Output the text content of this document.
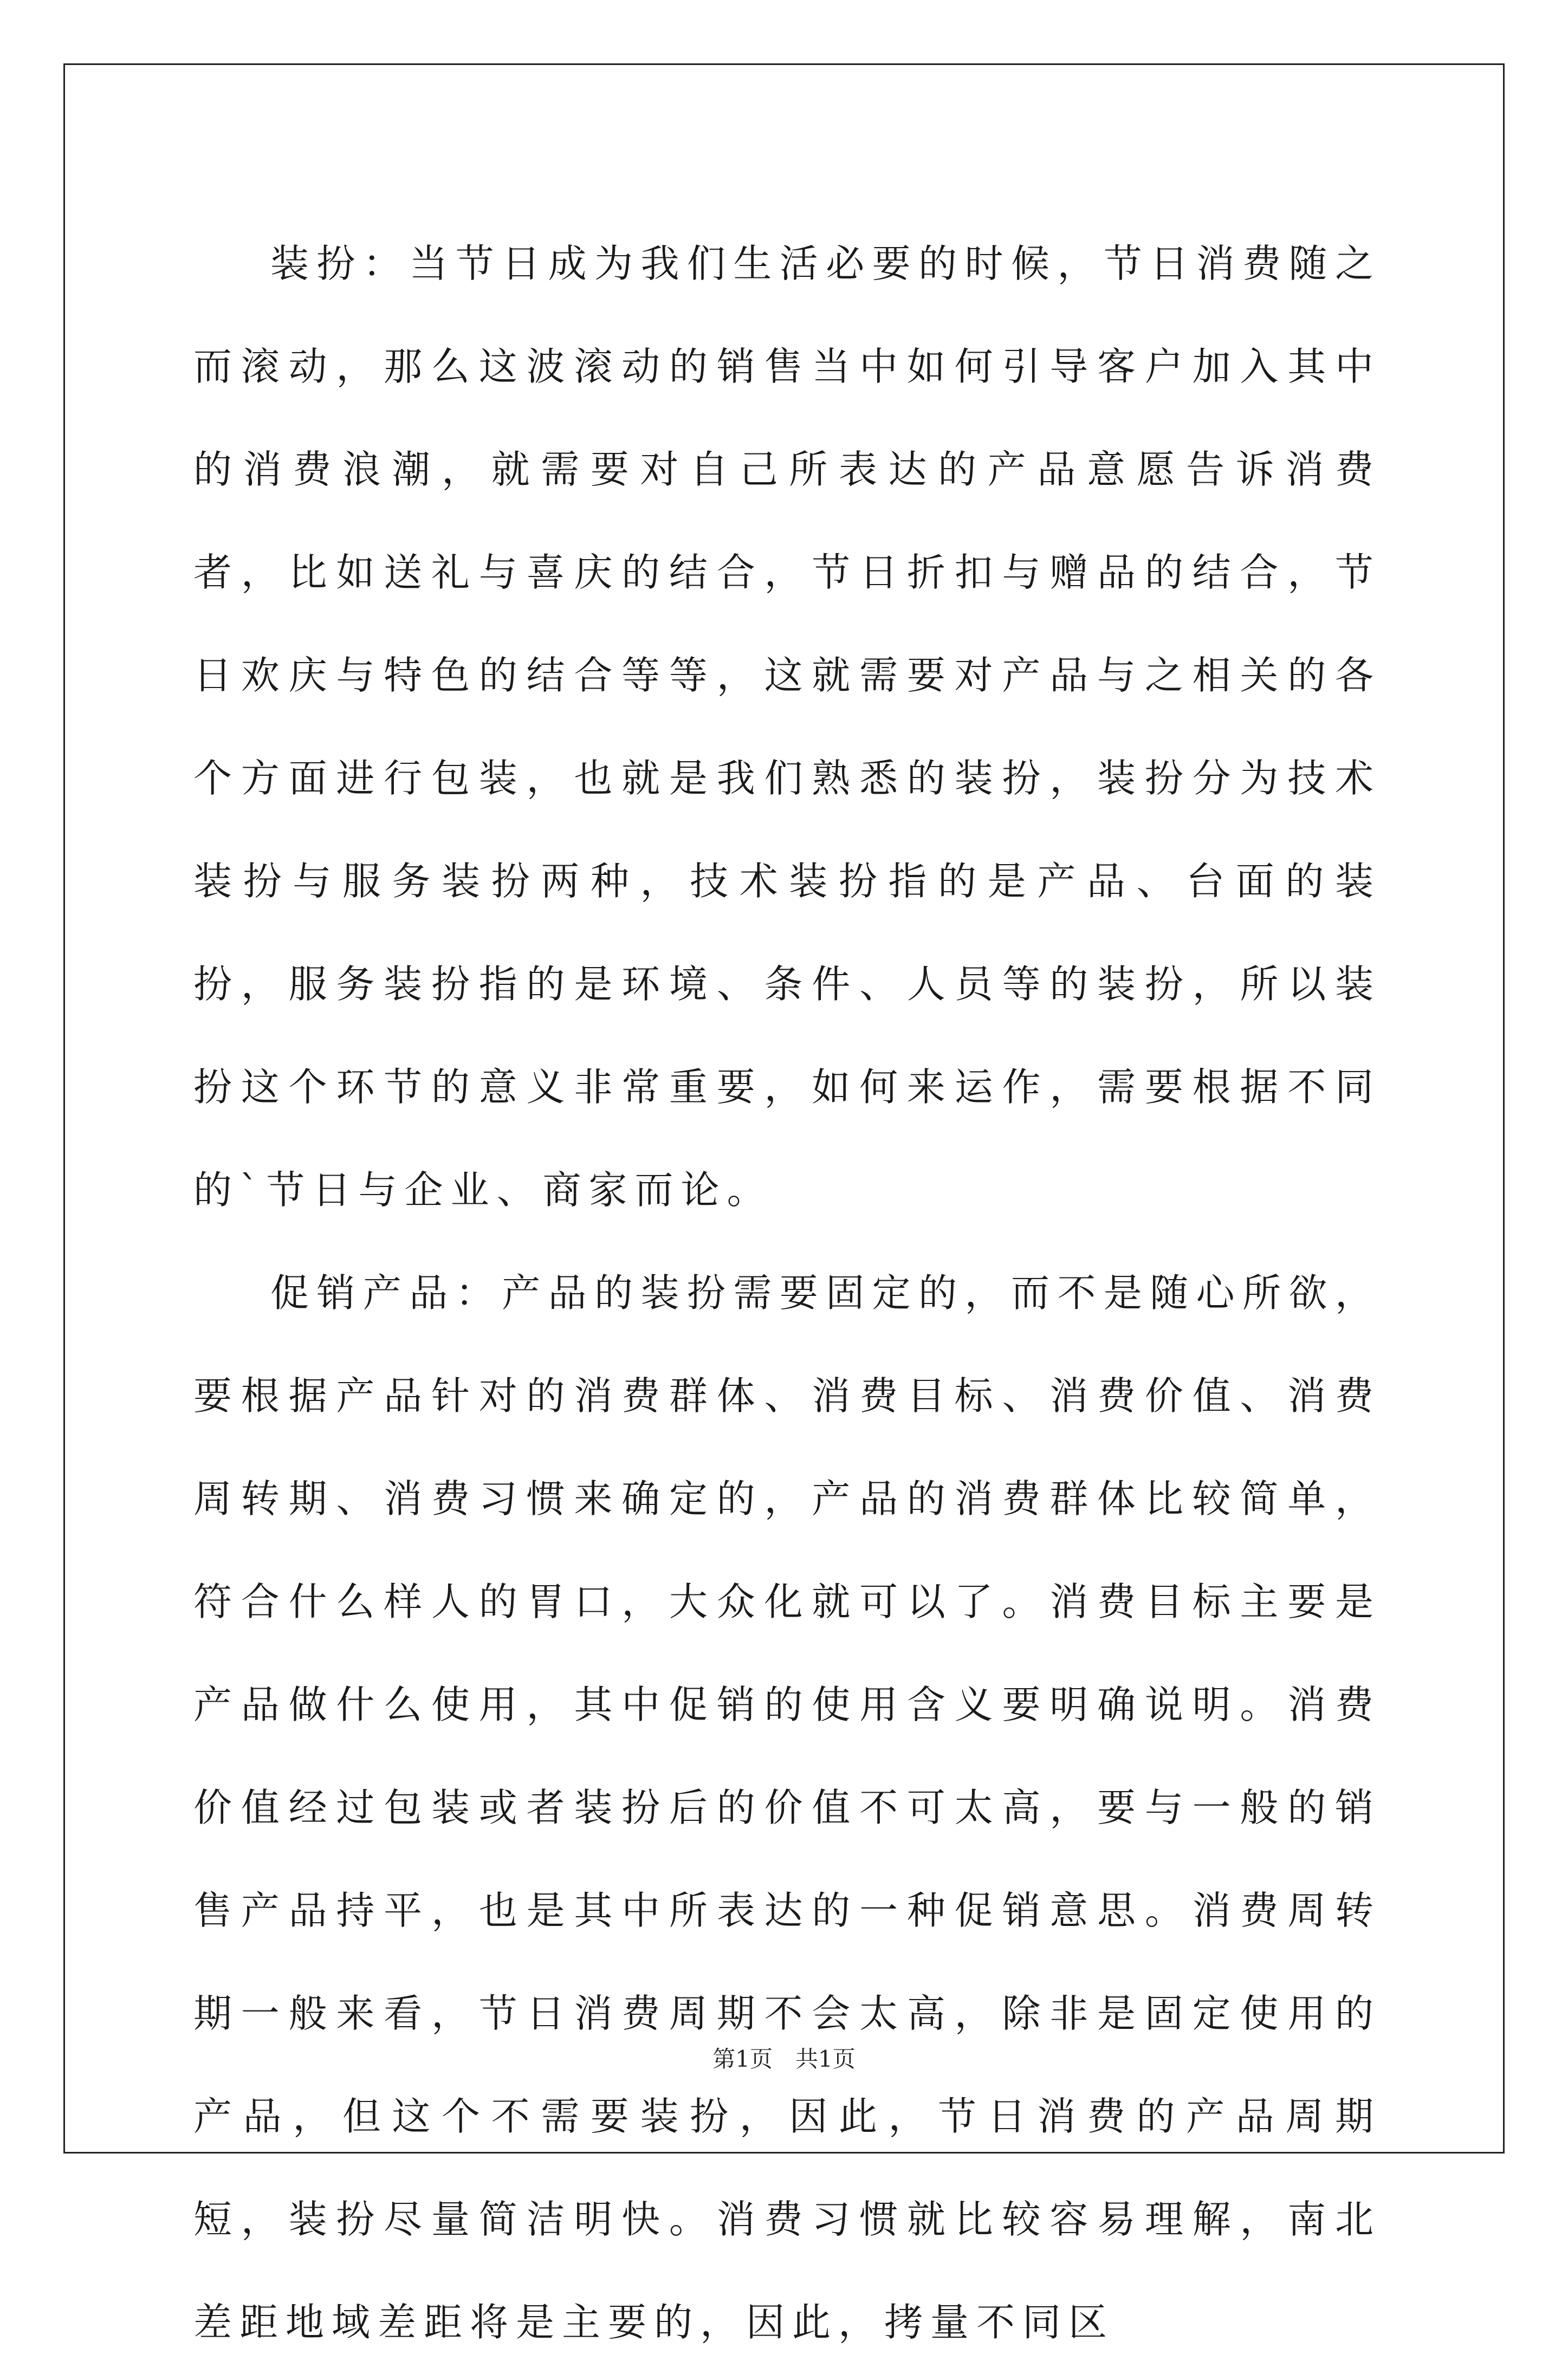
装扮：当节日成为我们生活必要的时候，节日消费随之而滚动，那么这波滚动的销售当中如何引导客户加入其中的消费浪潮，就需要对自己所表达的产品意愿告诉消费者，比如送礼与喜庆的结合，节日折扣与赠品的结合，节日欢庆与特色的结合等等，这就需要对产品与之相关的各个方面进行包装，也就是我们熟悉的装扮，装扮分为技术装扮与服务装扮两种，技术装扮指的是产品、台面的装扮，服务装扮指的是环境、条件、人员等的装扮，所以装扮这个环节的意义非常重要，如何来运作，需要根据不同的`节日与企业、商家而论。

促销产品：产品的装扮需要固定的，而不是随心所欲，要根据产品针对的消费群体、消费目标、消费价值、消费周转期、消费习惯来确定的，产品的消费群体比较简单，符合什么样人的胃口，大众化就可以了。消费目标主要是产品做什么使用，其中促销的使用含义要明确说明。消费价值经过包装或者装扮后的价值不可太高，要与一般的销售产品持平，也是其中所表达的一种促销意思。消费周转期一般来看，节日消费周期不会太高，除非是固定使用的产品，但这个不需要装扮，因此，节日消费的产品周期短，装扮尽量简洁明快。消费习惯就比较容易理解，南北差距地域差距将是主要的，因此，拷量不同区

第1页　共1页
